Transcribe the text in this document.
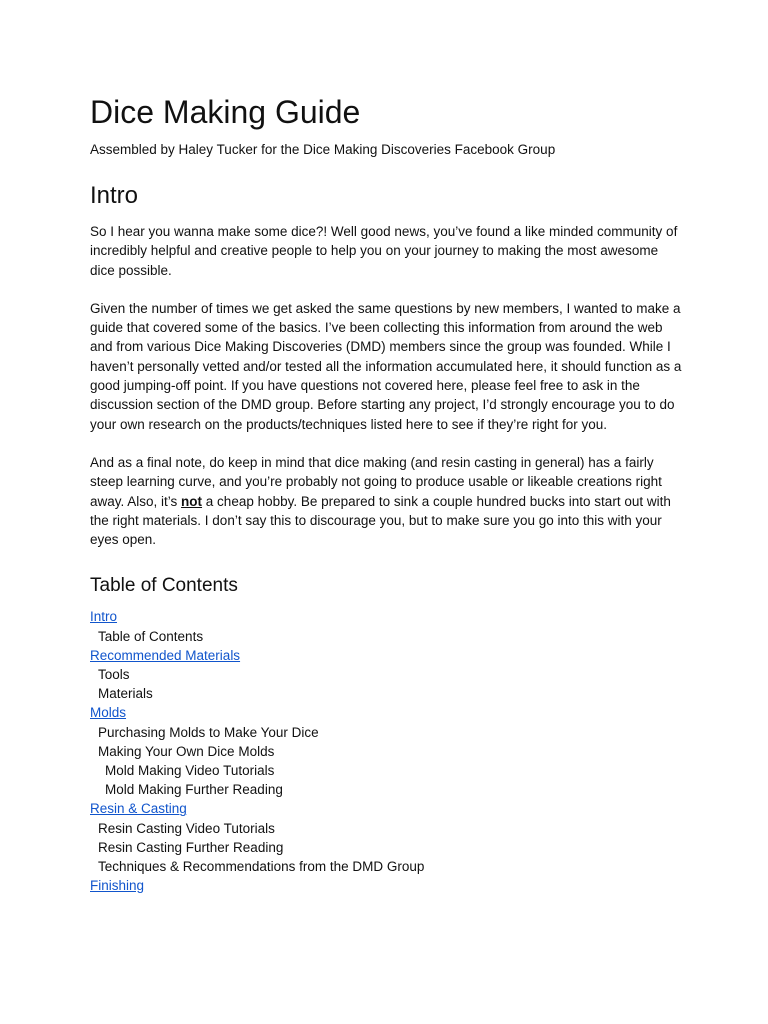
Dice Making Guide

Assembled by Haley Tucker for the Dice Making Discoveries Facebook Group

Intro

So I hear you wanna make some dice?! Well good news, you’ve found a like minded community of incredibly helpful and creative people to help you on your journey to making the most awesome dice possible.

Given the number of times we get asked the same questions by new members, I wanted to make a guide that covered some of the basics. I’ve been collecting this information from around the web and from various Dice Making Discoveries (DMD) members since the group was founded. While I haven’t personally vetted and/or tested all the information accumulated here, it should function as a good jumping-off point. If you have questions not covered here, please feel free to ask in the discussion section of the DMD group. Before starting any project, I’d strongly encourage you to do your own research on the products/techniques listed here to see if they’re right for you.

And as a final note, do keep in mind that dice making (and resin casting in general) has a fairly steep learning curve, and you’re probably not going to produce usable or likeable creations right away. Also, it’s not a cheap hobby. Be prepared to sink a couple hundred bucks into start out with the right materials. I don’t say this to discourage you, but to make sure you go into this with your eyes open.

Table of Contents
Intro
Table of Contents
Recommended Materials
Tools
Materials
Molds
Purchasing Molds to Make Your Dice
Making Your Own Dice Molds
Mold Making Video Tutorials
Mold Making Further Reading
Resin & Casting
Resin Casting Video Tutorials
Resin Casting Further Reading
Techniques & Recommendations from the DMD Group
Finishing
